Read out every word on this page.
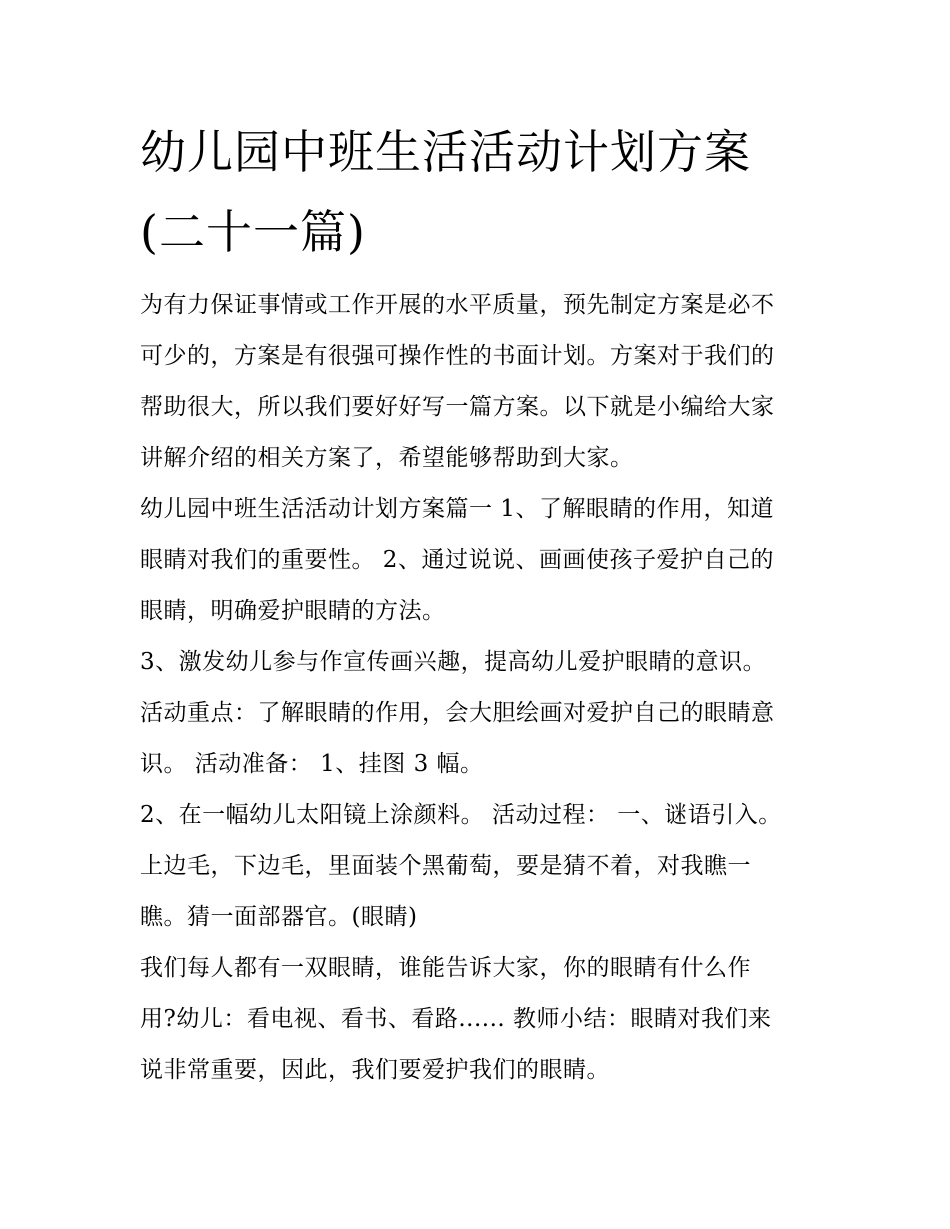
幼儿园中班生活活动计划方案
(二十一篇)

为有力保证事情或工作开展的水平质量，预先制定方案是必不
可少的，方案是有很强可操作性的书面计划。方案对于我们的
帮助很大，所以我们要好好写一篇方案。以下就是小编给大家
讲解介绍的相关方案了，希望能够帮助到大家。

幼儿园中班生活活动计划方案篇一 1、了解眼睛的作用，知道
眼睛对我们的重要性。 2、通过说说、画画使孩子爱护自己的
眼睛，明确爱护眼睛的方法。

3、激发幼儿参与作宣传画兴趣，提高幼儿爱护眼睛的意识。
活动重点：了解眼睛的作用，会大胆绘画对爱护自己的眼睛意
识。 活动准备： 1、挂图 3 幅。

2、在一幅幼儿太阳镜上涂颜料。 活动过程： 一、谜语引入。
上边毛，下边毛，里面装个黑葡萄，要是猜不着，对我瞧一
瞧。猜一面部器官。(眼睛)

我们每人都有一双眼睛，谁能告诉大家，你的眼睛有什么作
用?幼儿：看电视、看书、看路...... 教师小结：眼睛对我们来
说非常重要，因此，我们要爱护我们的眼睛。
